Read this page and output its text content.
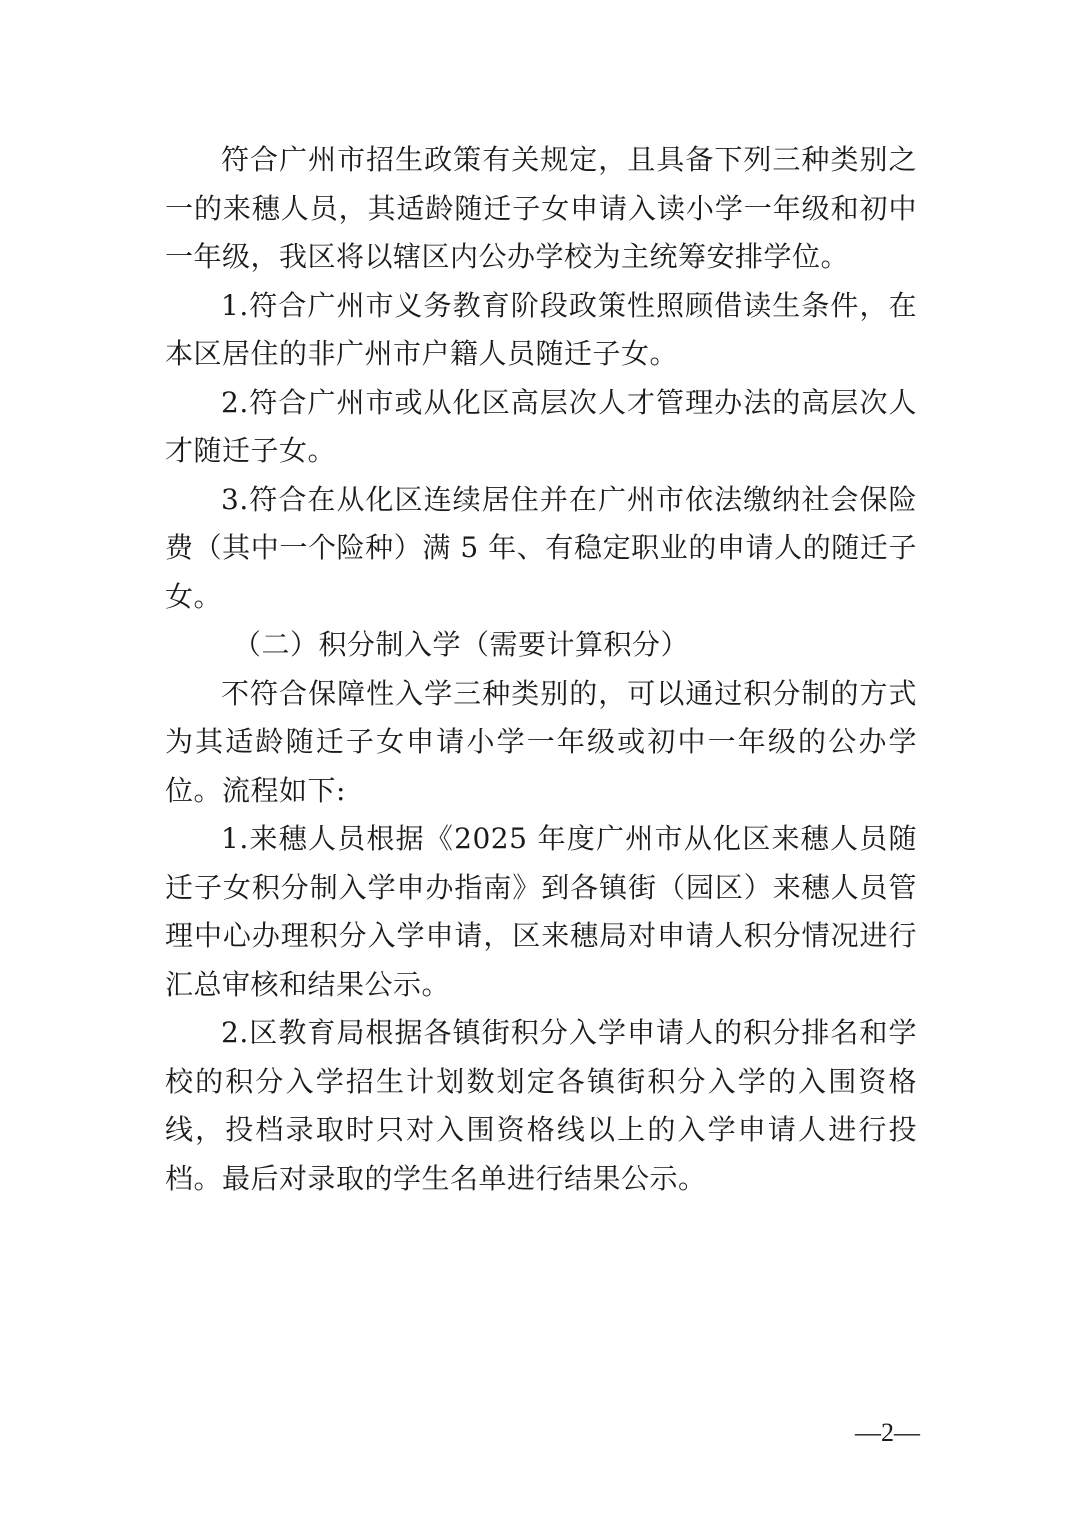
符合广州市招生政策有关规定，且具备下列三种类别之一的来穗人员，其适龄随迁子女申请入读小学一年级和初中一年级，我区将以辖区内公办学校为主统筹安排学位。

1.符合广州市义务教育阶段政策性照顾借读生条件，在本区居住的非广州市户籍人员随迁子女。

2.符合广州市或从化区高层次人才管理办法的高层次人才随迁子女。

3.符合在从化区连续居住并在广州市依法缴纳社会保险费（其中一个险种）满 5 年、有稳定职业的申请人的随迁子女。

（二）积分制入学（需要计算积分）

不符合保障性入学三种类别的，可以通过积分制的方式为其适龄随迁子女申请小学一年级或初中一年级的公办学位。流程如下:

1.来穗人员根据《2025 年度广州市从化区来穗人员随迁子女积分制入学申办指南》到各镇街（园区）来穗人员管理中心办理积分入学申请，区来穗局对申请人积分情况进行汇总审核和结果公示。

2.区教育局根据各镇街积分入学申请人的积分排名和学校的积分入学招生计划数划定各镇街积分入学的入围资格线，投档录取时只对入围资格线以上的入学申请人进行投档。最后对录取的学生名单进行结果公示。

—2—
